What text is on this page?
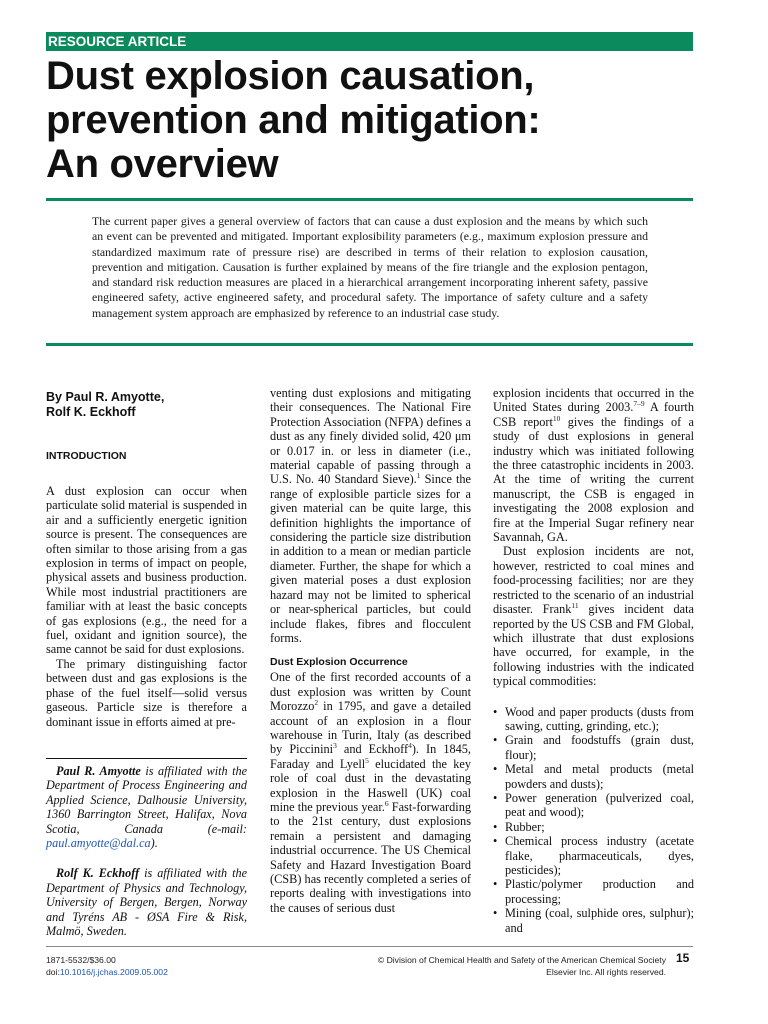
RESOURCE ARTICLE
Dust explosion causation,
prevention and mitigation:
An overview

The current paper gives a general overview of factors that can cause a dust explosion and the means by which such an event can be prevented and mitigated. Important explosibility parameters (e.g., maximum explosion pressure and standardized maximum rate of pressure rise) are described in terms of their relation to explosion causation, prevention and mitigation. Causation is further explained by means of the fire triangle and the explosion pentagon, and standard risk reduction measures are placed in a hierarchical arrangement incorporating inherent safety, passive engineered safety, active engineered safety, and procedural safety. The importance of safety culture and a safety management system approach are emphasized by reference to an industrial case study.

By Paul R. Amyotte,
Rolf K. Eckhoff
INTRODUCTION

A dust explosion can occur when particulate solid material is suspended in air and a sufficiently energetic ignition source is present. The consequences are often similar to those arising from a gas explosion in terms of impact on people, physical assets and business production. While most industrial practitioners are familiar with at least the basic concepts of gas explosions (e.g., the need for a fuel, oxidant and ignition source), the same cannot be said for dust explosions.

The primary distinguishing factor between dust and gas explosions is the phase of the fuel itself—solid versus gaseous. Particle size is therefore a dominant issue in efforts aimed at pre-

Paul R. Amyotte is affiliated with the Department of Process Engineering and Applied Science, Dalhousie University, 1360 Barrington Street, Halifax, Nova Scotia, Canada (e-mail: paul.amyotte@dal.ca).

Rolf K. Eckhoff is affiliated with the Department of Physics and Technology, University of Bergen, Bergen, Norway and Tyréns AB - ØSA Fire & Risk, Malmö, Sweden.

venting dust explosions and mitigating their consequences. The National Fire Protection Association (NFPA) defines a dust as any finely divided solid, 420 μm or 0.017 in. or less in diameter (i.e., material capable of passing through a U.S. No. 40 Standard Sieve).$^1$ Since the range of explosible particle sizes for a given material can be quite large, this definition highlights the importance of considering the particle size distribution in addition to a mean or median particle diameter. Further, the shape for which a given material poses a dust explosion hazard may not be limited to spherical or near-spherical particles, but could include flakes, fibres and flocculent forms.

Dust Explosion Occurrence

One of the first recorded accounts of a dust explosion was written by Count Morozzo$^2$ in 1795, and gave a detailed account of an explosion in a flour warehouse in Turin, Italy (as described by Piccinini$^3$ and Eckhoff$^4$). In 1845, Faraday and Lyell$^5$ elucidated the key role of coal dust in the devastating explosion in the Haswell (UK) coal mine the previous year.$^6$ Fast-forwarding to the 21st century, dust explosions remain a persistent and damaging industrial occurrence. The US Chemical Safety and Hazard Investigation Board (CSB) has recently completed a series of reports dealing with investigations into the causes of serious dust

explosion incidents that occurred in the United States during 2003.$^{7-9}$ A fourth CSB report$^{10}$ gives the findings of a study of dust explosions in general industry which was initiated following the three catastrophic incidents in 2003. At the time of writing the current manuscript, the CSB is engaged in investigating the 2008 explosion and fire at the Imperial Sugar refinery near Savannah, GA.

Dust explosion incidents are not, however, restricted to coal mines and food-processing facilities; nor are they restricted to the scenario of an industrial disaster. Frank$^{11}$ gives incident data reported by the US CSB and FM Global, which illustrate that dust explosions have occurred, for example, in the following industries with the indicated typical commodities:

• Wood and paper products (dusts from sawing, cutting, grinding, etc.);
• Grain and foodstuffs (grain dust, flour);
• Metal and metal products (metal powders and dusts);
• Power generation (pulverized coal, peat and wood);
• Rubber;
• Chemical process industry (acetate flake, pharmaceuticals, dyes, pesticides);
• Plastic/polymer production and processing;
• Mining (coal, sulphide ores, sulphur); and
1871-5532/$36.00
doi:10.1016/j.jchas.2009.05.002
© Division of Chemical Health and Safety of the American Chemical Society
Elsevier Inc. All rights reserved.
15
